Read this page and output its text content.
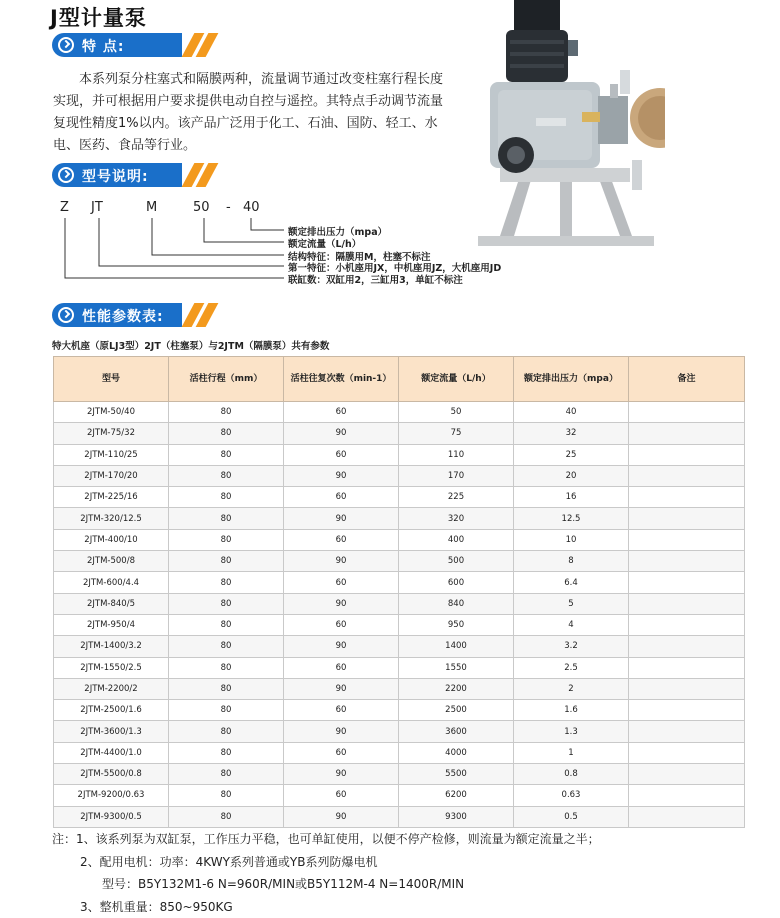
J型计量泵
特 点:
本系列泵分柱塞式和隔膜两种，流量调节通过改变柱塞行程长度实现，并可根据用户要求提供电动自控与遥控。其特点手动调节流量复现性精度1%以内。该产品广泛用于化工、石油、国防、轻工、水电、医药、食品等行业。
型号说明:
Z JT	M	50 - 40
额定排出压力（mpa）
额定流量（L/h）
结构特征：隔膜用M，柱塞不标注
第一特征：小机座用JX，中机座用JZ，大机座用JD
联缸数：双缸用2，三缸用3，单缸不标注
性能参数表:
特大机座（原LJ3型）2JT（柱塞泵）与2JTM（隔膜泵）共有参数
型号	活柱行程（mm）	活柱往复次数（min-1）	额定流量（L/h）	额定排出压力（mpa）	备注
2JTM-50/40	80	60	50	40	
2JTM-75/32	80	90	75	32	
2JTM-110/25	80	60	110	25	
2JTM-170/20	80	90	170	20	
2JTM-225/16	80	60	225	16	
2JTM-320/12.5	80	90	320	12.5	
2JTM-400/10	80	60	400	10	
2JTM-500/8	80	90	500	8	
2JTM-600/4.4	80	60	600	6.4	
2JTM-840/5	80	90	840	5	
2JTM-950/4	80	60	950	4	
2JTM-1400/3.2	80	90	1400	3.2	
2JTM-1550/2.5	80	60	1550	2.5	
2JTM-2200/2	80	90	2200	2	
2JTM-2500/1.6	80	60	2500	1.6	
2JTM-3600/1.3	80	90	3600	1.3	
2JTM-4400/1.0	80	60	4000	1	
2JTM-5500/0.8	80	90	5500	0.8	
2JTM-9200/0.63	80	60	6200	0.63	
2JTM-9300/0.5	80	90	9300	0.5	
注：1、该系列泵为双缸泵，工作压力平稳，也可单缸使用，以便不停产检修，则流量为额定流量之半；
2、配用电机：功率：4KWY系列普通或YB系列防爆电机
型号：B5Y132M1-6 N=960R/MIN或B5Y112M-4 N=1400R/MIN
3、整机重量：850~950KG
